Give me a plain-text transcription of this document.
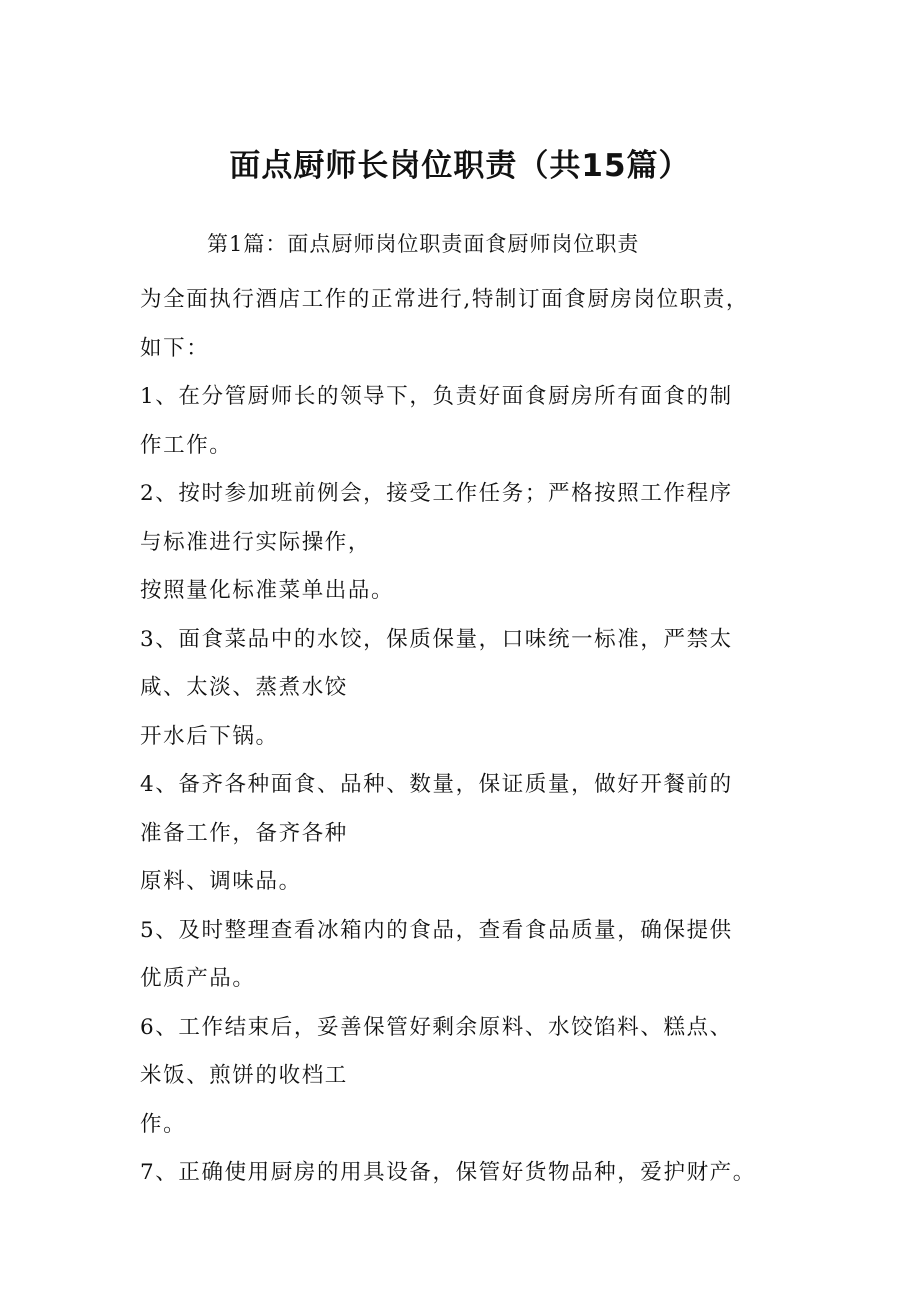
面点厨师长岗位职责（共15篇）
第1篇：面点厨师岗位职责面食厨师岗位职责
为全面执行酒店工作的正常进行,特制订面食厨房岗位职责，
如下：
1、在分管厨师长的领导下，负责好面食厨房所有面食的制
作工作。
2、按时参加班前例会，接受工作任务；严格按照工作程序
与标准进行实际操作，
按照量化标准菜单出品。
3、面食菜品中的水饺，保质保量，口味统一标准，严禁太
咸、太淡、蒸煮水饺
开水后下锅。
4、备齐各种面食、品种、数量，保证质量，做好开餐前的
准备工作，备齐各种
原料、调味品。
5、及时整理查看冰箱内的食品，查看食品质量，确保提供
优质产品。
6、工作结束后，妥善保管好剩余原料、水饺馅料、糕点、
米饭、煎饼的收档工
作。
7、正确使用厨房的用具设备，保管好货物品种，爱护财产。
